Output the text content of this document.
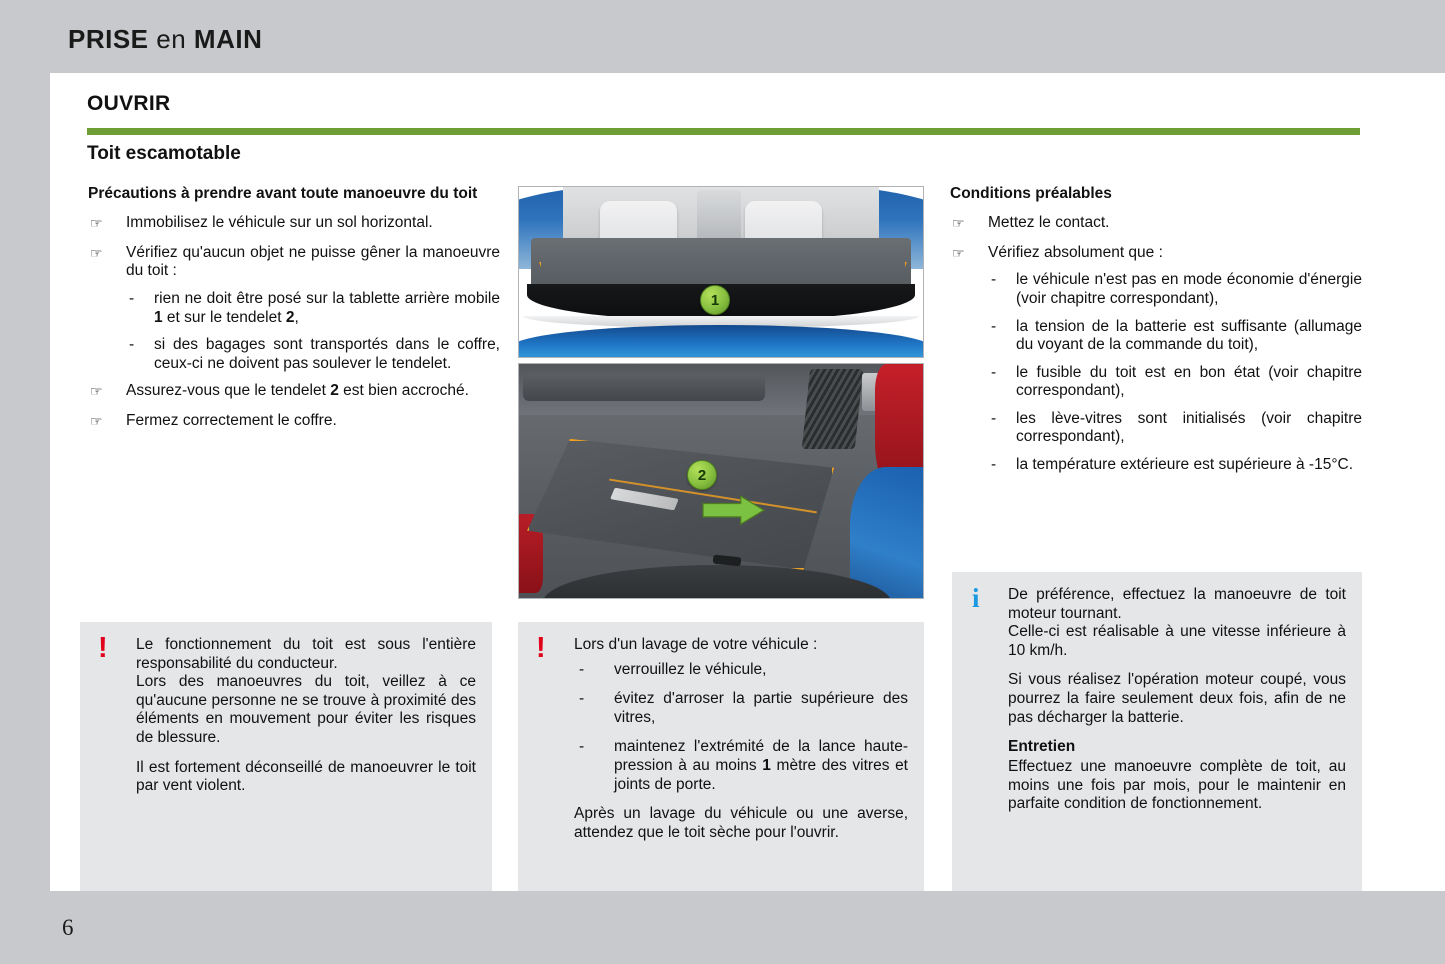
PRISE en MAIN
OUVRIR
Toit escamotable

Précautions à prendre avant toute manoeuvre du toit

☞ Immobilisez le véhicule sur un sol horizontal.
☞ Vérifiez qu'aucun objet ne puisse gêner la manoeuvre du toit :
- rien ne doit être posé sur la tablette arrière mobile 1 et sur le tendelet 2,
- si des bagages sont transportés dans le coffre, ceux-ci ne doivent pas soulever le tendelet.
☞ Assurez-vous que le tendelet 2 est bien accroché.
☞ Fermez correctement le coffre.
1
2

Conditions préalables

☞ Mettez le contact.
☞ Vérifiez absolument que :
- le véhicule n'est pas en mode économie d'énergie (voir chapitre correspondant),
- la tension de la batterie est suffisante (allumage du voyant de la commande du toit),
- le fusible du toit est en bon état (voir chapitre correspondant),
- les lève-vitres sont initialisés (voir chapitre correspondant),
- la température extérieure est supérieure à -15°C.
! Le fonctionnement du toit est sous l'entière responsabilité du conducteur.

Lors des manoeuvres du toit, veillez à ce qu'aucune personne ne se trouve à proximité des éléments en mouvement pour éviter les risques de blessure.

Il est fortement déconseillé de manoeuvrer le toit par vent violent.

! Lors d'un lavage de votre véhicule :

- verrouillez le véhicule,
- évitez d'arroser la partie supérieure des vitres,
- maintenez l'extrémité de la lance haute-pression à au moins 1 mètre des vitres et joints de porte.

Après un lavage du véhicule ou une averse, attendez que le toit sèche pour l'ouvrir.

i De préférence, effectuez la manoeuvre de toit moteur tournant.

Celle-ci est réalisable à une vitesse inférieure à 10 km/h.

Si vous réalisez l'opération moteur coupé, vous pourrez la faire seulement deux fois, afin de ne pas décharger la batterie.

Entretien

Effectuez une manoeuvre complète de toit, au moins une fois par mois, pour le maintenir en parfaite condition de fonctionnement.

6
